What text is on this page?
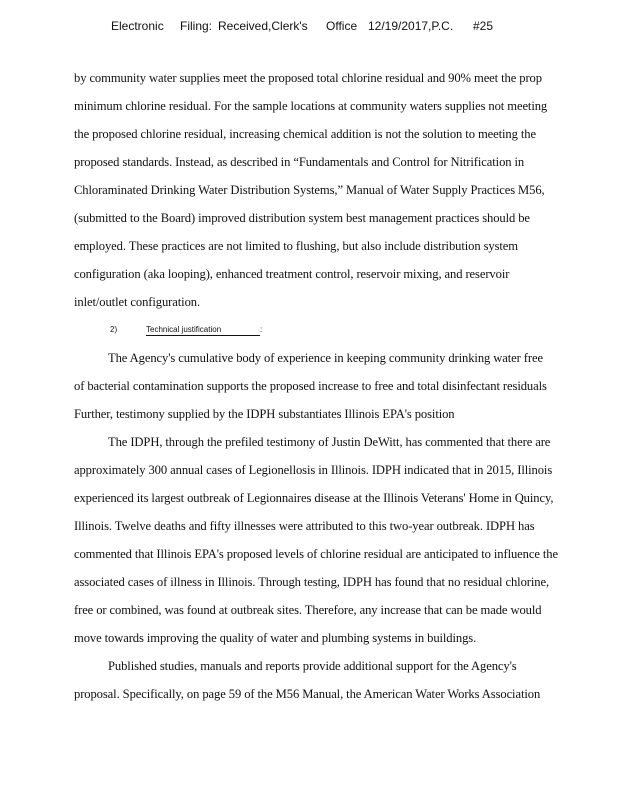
Electronic Filing: Received,Clerk's Office 12/19/2017,P.C. #25
by community water supplies meet the proposed total chlorine residual and 90% meet the prop
minimum chlorine residual. For the sample locations at community waters supplies not meeting
the proposed chlorine residual, increasing chemical addition is not the solution to meeting the
proposed standards. Instead, as described in “Fundamentals and Control for Nitrification in
Chloraminated Drinking Water Distribution Systems,” Manual of Water Supply Practices M56,
(submitted to the Board) improved distribution system best management practices should be
employed. These practices are not limited to flushing, but also include distribution system
configuration (aka looping), enhanced treatment control, reservoir mixing, and reservoir
inlet/outlet configuration.
2)	Technical justification	:
The Agency's cumulative body of experience in keeping community drinking water free
of bacterial contamination supports the proposed increase to free and total disinfectant residuals
Further, testimony supplied by the IDPH substantiates Illinois EPA's position
The IDPH, through the prefiled testimony of Justin DeWitt, has commented that there are
approximately 300 annual cases of Legionellosis in Illinois. IDPH indicated that in 2015, Illinois
experienced its largest outbreak of Legionnaires disease at the Illinois Veterans' Home in Quincy,
Illinois. Twelve deaths and fifty illnesses were attributed to this two-year outbreak. IDPH has
commented that Illinois EPA's proposed levels of chlorine residual are anticipated to influence the
associated cases of illness in Illinois. Through testing, IDPH has found that no residual chlorine,
free or combined, was found at outbreak sites. Therefore, any increase that can be made would
move towards improving the quality of water and plumbing systems in buildings.
Published studies, manuals and reports provide additional support for the Agency's
proposal. Specifically, on page 59 of the M56 Manual, the American Water Works Association
